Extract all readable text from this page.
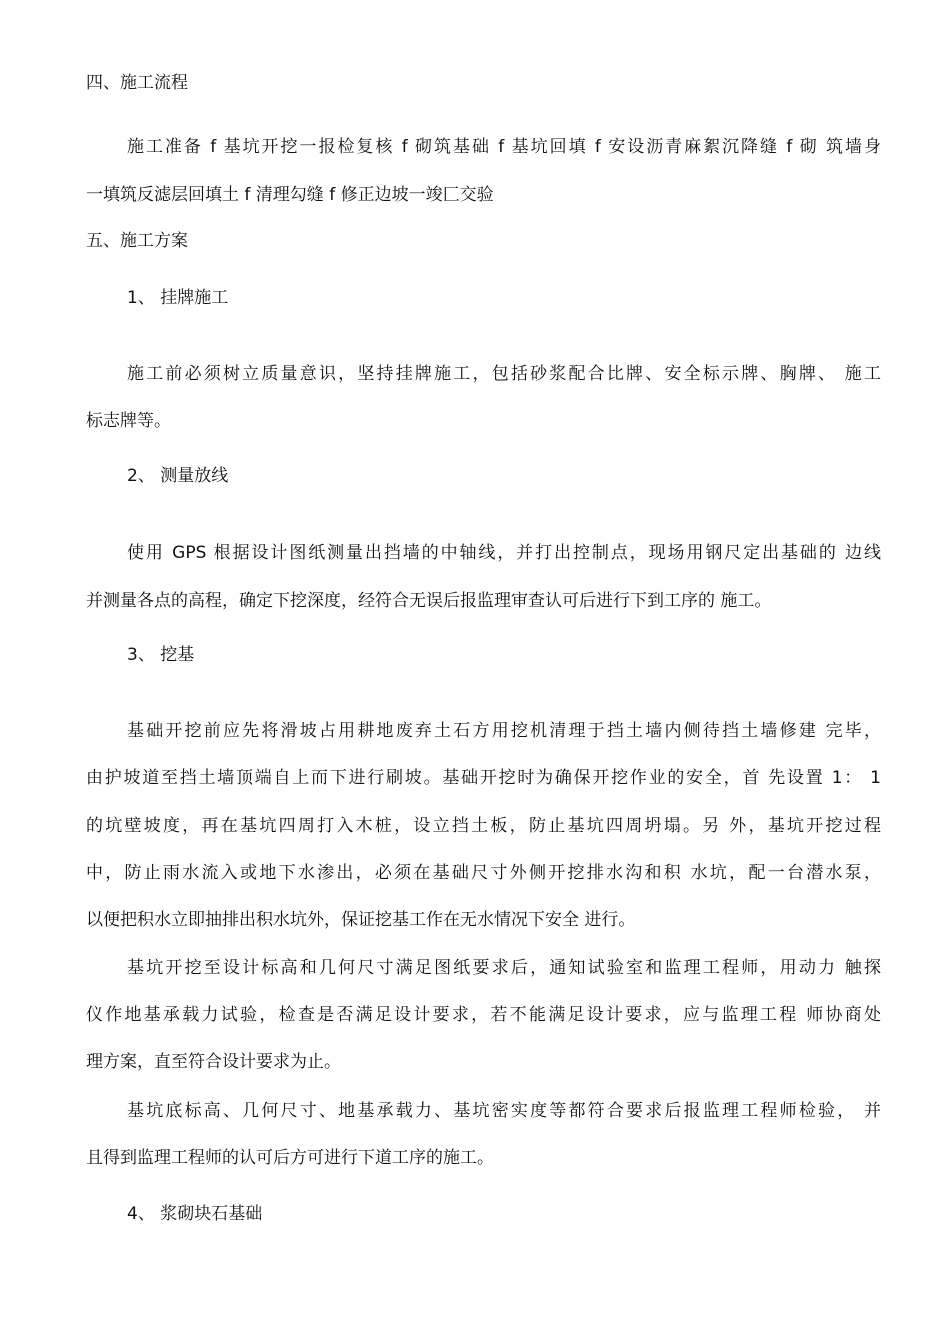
四、施工流程
施工准备 f 基坑开挖一报检复核 f 砌筑基础 f 基坑回填 f 安设沥青麻絮沉降缝 f 砌 筑墙身
一填筑反滤层回填土 f 清理勾缝 f 修正边坡一竣匚交验
五、施工方案
1、 挂牌施工
施工前必须树立质量意识，坚持挂牌施工，包括砂浆配合比牌、安全标示牌、胸牌、 施工
标志牌等。
2、 测量放线
使用 GPS 根据设计图纸测量出挡墙的中轴线，并打出控制点，现场用钢尺定出基础的 边线
并测量各点的高程，确定下挖深度，经符合无误后报监理审查认可后进行下到工序的 施工。
3、 挖基
基础开挖前应先将滑坡占用耕地废弃土石方用挖机清理于挡土墙内侧待挡土墙修建 完毕，
由护坡道至挡土墙顶端自上而下进行刷坡。基础开挖时为确保开挖作业的安全，首 先设置 1： 1
的坑壁坡度，再在基坑四周打入木桩，设立挡土板，防止基坑四周坍塌。另 外，基坑开挖过程
中，防止雨水流入或地下水渗出，必须在基础尺寸外侧开挖排水沟和积 水坑，配一台潜水泵，
以便把积水立即抽排出积水坑外，保证挖基工作在无水情况下安全 进行。
基坑开挖至设计标高和几何尺寸满足图纸要求后，通知试验室和监理工程师，用动力 触探
仪作地基承载力试验，检查是否满足设计要求，若不能满足设计要求，应与监理工程 师协商处
理方案，直至符合设计要求为止。
基坑底标高、几何尺寸、地基承载力、基坑密实度等都符合要求后报监理工程师检验， 并
且得到监理工程师的认可后方可进行下道工序的施工。
4、 浆砌块石基础
